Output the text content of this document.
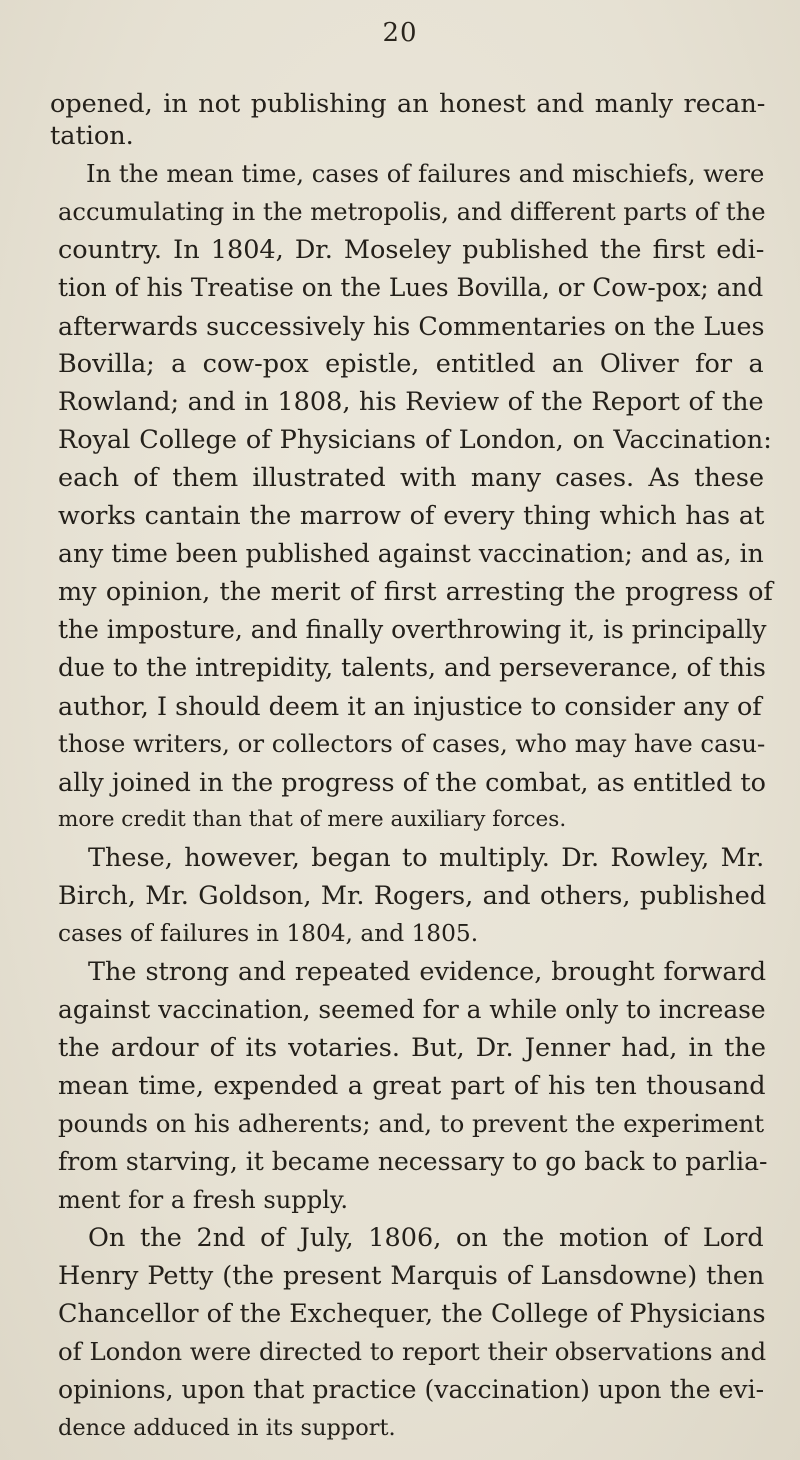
20
opened, in not publishing an honest and manly recan-
tation.
In the mean time, cases of failures and mischiefs, were
accumulating in the metropolis, and different parts of the
country. In 1804, Dr. Moseley published the first edi-
tion of his Treatise on the Lues Bovilla, or Cow-pox; and
afterwards successively his Commentaries on the Lues
Bovilla; a cow-pox epistle, entitled an Oliver for a
Rowland; and in 1808, his Review of the Report of the
Royal College of Physicians of London, on Vaccination:
each of them illustrated with many cases. As these
works cantain the marrow of every thing which has at
any time been published against vaccination; and as, in
my opinion, the merit of first arresting the progress of
the imposture, and finally overthrowing it, is principally
due to the intrepidity, talents, and perseverance, of this
author, I should deem it an injustice to consider any of
those writers, or collectors of cases, who may have casu-
ally joined in the progress of the combat, as entitled to
more credit than that of mere auxiliary forces.
These, however, began to multiply. Dr. Rowley, Mr.
Birch, Mr. Goldson, Mr. Rogers, and others, published
cases of failures in 1804, and 1805.
The strong and repeated evidence, brought forward
against vaccination, seemed for a while only to increase
the ardour of its votaries. But, Dr. Jenner had, in the
mean time, expended a great part of his ten thousand
pounds on his adherents; and, to prevent the experiment
from starving, it became necessary to go back to parlia-
ment for a fresh supply.
On the 2nd of July, 1806, on the motion of Lord
Henry Petty (the present Marquis of Lansdowne) then
Chancellor of the Exchequer, the College of Physicians
of London were directed to report their observations and
opinions, upon that practice (vaccination) upon the evi-
dence adduced in its support.
